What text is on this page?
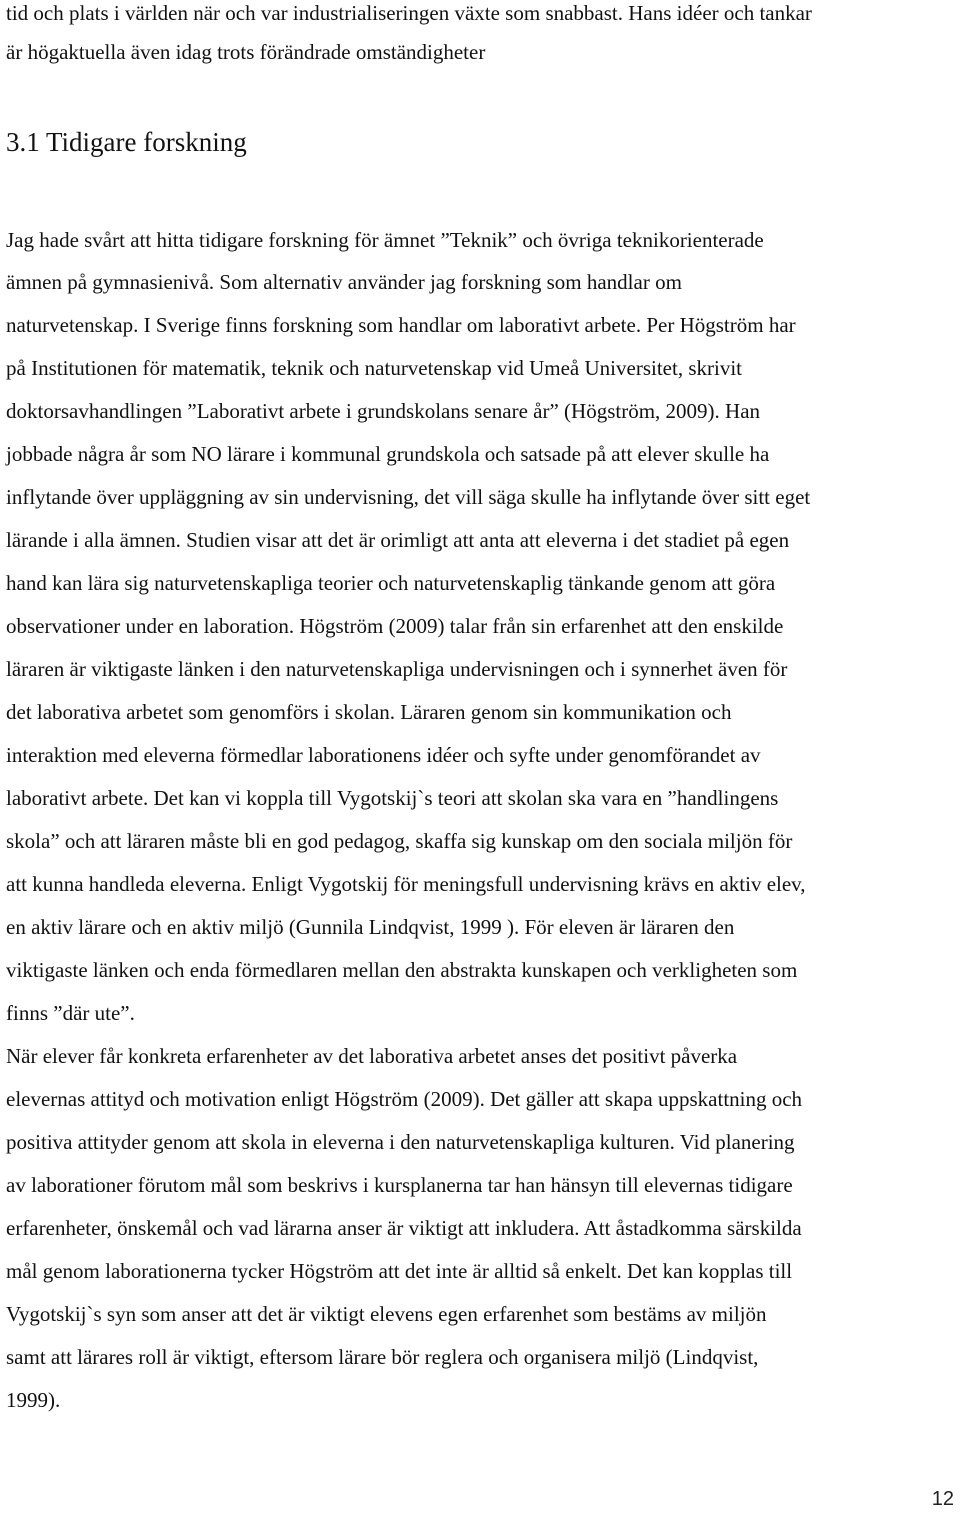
tid och plats i världen när och var industrialiseringen växte som snabbast. Hans idéer och tankar
är högaktuella även idag trots förändrade omständigheter
3.1 Tidigare forskning
Jag hade svårt att hitta tidigare forskning för ämnet ”Teknik” och övriga teknikorienterade
ämnen på gymnasienivå. Som alternativ använder jag forskning som handlar om
naturvetenskap. I Sverige finns forskning som handlar om laborativt arbete. Per Högström har
på Institutionen för matematik, teknik och naturvetenskap vid Umeå Universitet, skrivit
doktorsavhandlingen ”Laborativt arbete i grundskolans senare år” (Högström, 2009). Han
jobbade några år som NO lärare i kommunal grundskola och satsade på att elever skulle ha
inflytande över uppläggning av sin undervisning, det vill säga skulle ha inflytande över sitt eget
lärande i alla ämnen. Studien visar att det är orimligt att anta att eleverna i det stadiet på egen
hand kan lära sig naturvetenskapliga teorier och naturvetenskaplig tänkande genom att göra
observationer under en laboration. Högström (2009) talar från sin erfarenhet att den enskilde
läraren är viktigaste länken i den naturvetenskapliga undervisningen och i synnerhet även för
det laborativa arbetet som genomförs i skolan. Läraren genom sin kommunikation och
interaktion med eleverna förmedlar laborationens idéer och syfte under genomförandet av
laborativt arbete. Det kan vi koppla till Vygotskij`s teori att skolan ska vara en ”handlingens
skola” och att läraren måste bli en god pedagog, skaffa sig kunskap om den sociala miljön för
att kunna handleda eleverna. Enligt Vygotskij för meningsfull undervisning krävs en aktiv elev,
en aktiv lärare och en aktiv miljö (Gunnila Lindqvist, 1999 ). För eleven är läraren den
viktigaste länken och enda förmedlaren mellan den abstrakta kunskapen och verkligheten som
finns ”där ute”.
När elever får konkreta erfarenheter av det laborativa arbetet anses det positivt påverka
elevernas attityd och motivation enligt Högström (2009). Det gäller att skapa uppskattning och
positiva attityder genom att skola in eleverna i den naturvetenskapliga kulturen. Vid planering
av laborationer förutom mål som beskrivs i kursplanerna tar han hänsyn till elevernas tidigare
erfarenheter, önskemål och vad lärarna anser är viktigt att inkludera. Att åstadkomma särskilda
mål genom laborationerna tycker Högström att det inte är alltid så enkelt. Det kan kopplas till
Vygotskij`s syn som anser att det är viktigt elevens egen erfarenhet som bestäms av miljön
samt att lärares roll är viktigt, eftersom lärare bör reglera och organisera miljö (Lindqvist,
1999).
12
